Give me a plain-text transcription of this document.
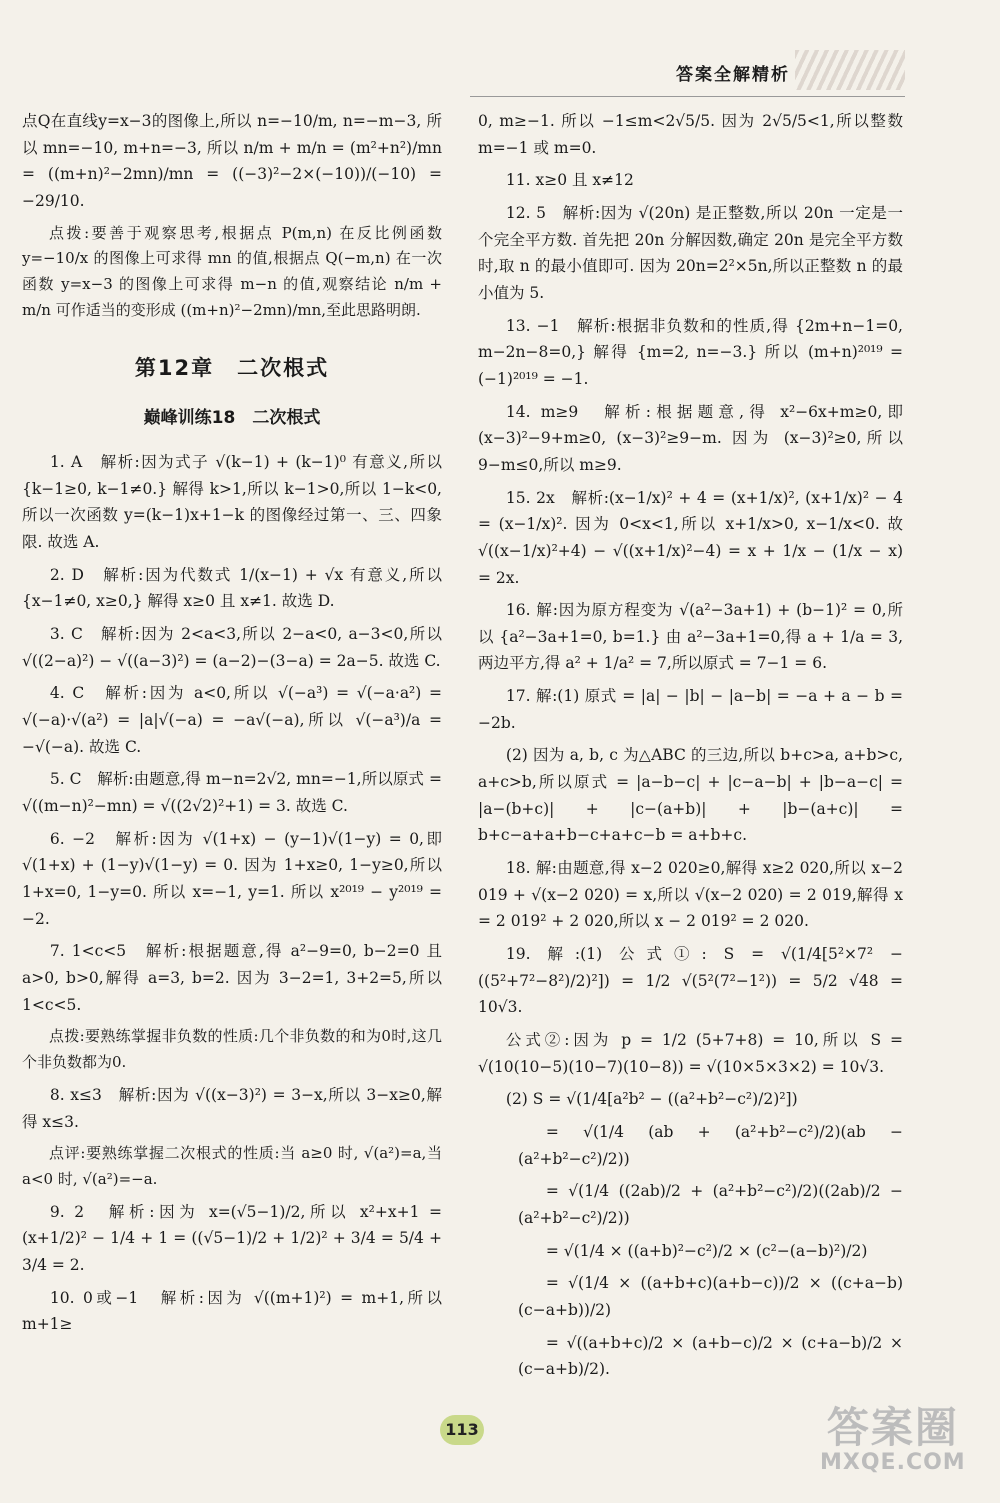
答案全解精析

点Q在直线y=x−3的图像上,所以 n=−10/m, n=−m−3, 所以 mn=−10, m+n=−3, 所以 n/m + m/n = (m²+n²)/mn = ((m+n)²−2mn)/mn = ((−3)²−2×(−10))/(−10) = −29/10.

点拨:要善于观察思考,根据点 P(m,n) 在反比例函数 y=−10/x 的图像上可求得 mn 的值,根据点 Q(−m,n) 在一次函数 y=x−3 的图像上可求得 m−n 的值,观察结论 n/m + m/n 可作适当的变形成 ((m+n)²−2mn)/mn,至此思路明朗.

第12章　二次根式
巅峰训练18　二次根式

1. A　解析:因为式子 √(k−1) + (k−1)⁰ 有意义,所以 {k−1≥0, k−1≠0.} 解得 k>1,所以 k−1>0,所以 1−k<0,所以一次函数 y=(k−1)x+1−k 的图像经过第一、三、四象限. 故选 A.

2. D　解析:因为代数式 1/(x−1) + √x 有意义,所以 {x−1≠0, x≥0,} 解得 x≥0 且 x≠1. 故选 D.

3. C　解析:因为 2<a<3,所以 2−a<0, a−3<0,所以 √((2−a)²) − √((a−3)²) = (a−2)−(3−a) = 2a−5. 故选 C.

4. C　解析:因为 a<0,所以 √(−a³) = √(−a·a²) = √(−a)·√(a²) = |a|√(−a) = −a√(−a),所以 √(−a³)/a = −√(−a). 故选 C.

5. C　解析:由题意,得 m−n=2√2, mn=−1,所以原式 = √((m−n)²−mn) = √((2√2)²+1) = 3. 故选 C.

6. −2　解析:因为 √(1+x) − (y−1)√(1−y) = 0,即 √(1+x) + (1−y)√(1−y) = 0. 因为 1+x≥0, 1−y≥0,所以 1+x=0, 1−y=0. 所以 x=−1, y=1. 所以 x²⁰¹⁹ − y²⁰¹⁹ = −2.

7. 1<c<5　解析:根据题意,得 a²−9=0, b−2=0 且 a>0, b>0,解得 a=3, b=2. 因为 3−2=1, 3+2=5,所以 1<c<5.

点拨:要熟练掌握非负数的性质:几个非负数的和为0时,这几个非负数都为0.

8. x≤3　解析:因为 √((x−3)²) = 3−x,所以 3−x≥0,解得 x≤3.

点评:要熟练掌握二次根式的性质:当 a≥0 时, √(a²)=a,当 a<0 时, √(a²)=−a.

9. 2　解析:因为 x=(√5−1)/2,所以 x²+x+1 = (x+1/2)² − 1/4 + 1 = ((√5−1)/2 + 1/2)² + 3/4 = 5/4 + 3/4 = 2.

10. 0或−1　解析:因为 √((m+1)²) = m+1,所以 m+1≥

0, m≥−1. 所以 −1≤m<2√5/5. 因为 2√5/5<1,所以整数 m=−1 或 m=0.

11. x≥0 且 x≠12

12. 5　解析:因为 √(20n) 是正整数,所以 20n 一定是一个完全平方数. 首先把 20n 分解因数,确定 20n 是完全平方数时,取 n 的最小值即可. 因为 20n=2²×5n,所以正整数 n 的最小值为 5.

13. −1　解析:根据非负数和的性质,得 {2m+n−1=0, m−2n−8=0,} 解得 {m=2, n=−3.} 所以 (m+n)²⁰¹⁹ = (−1)²⁰¹⁹ = −1.

14. m≥9　解析:根据题意,得 x²−6x+m≥0,即 (x−3)²−9+m≥0, (x−3)²≥9−m. 因为 (x−3)²≥0,所以 9−m≤0,所以 m≥9.

15. 2x　解析:(x−1/x)² + 4 = (x+1/x)², (x+1/x)² − 4 = (x−1/x)². 因为 0<x<1,所以 x+1/x>0, x−1/x<0. 故 √((x−1/x)²+4) − √((x+1/x)²−4) = x + 1/x − (1/x − x) = 2x.

16. 解:因为原方程变为 √(a²−3a+1) + (b−1)² = 0,所以 {a²−3a+1=0, b=1.} 由 a²−3a+1=0,得 a + 1/a = 3,两边平方,得 a² + 1/a² = 7,所以原式 = 7−1 = 6.

17. 解:(1) 原式 = |a| − |b| − |a−b| = −a + a − b = −2b.

(2) 因为 a, b, c 为△ABC 的三边,所以 b+c>a, a+b>c, a+c>b,所以原式 = |a−b−c| + |c−a−b| + |b−a−c| = |a−(b+c)| + |c−(a+b)| + |b−(a+c)| = b+c−a+a+b−c+a+c−b = a+b+c.

18. 解:由题意,得 x−2 020≥0,解得 x≥2 020,所以 x−2 019 + √(x−2 020) = x,所以 √(x−2 020) = 2 019,解得 x = 2 019² + 2 020,所以 x − 2 019² = 2 020.

19. 解:(1) 公式①: S = √(1/4[5²×7² − ((5²+7²−8²)/2)²]) = 1/2 √(5²(7²−1²)) = 5/2 √48 = 10√3.

公式②:因为 p = 1/2 (5+7+8) = 10,所以 S = √(10(10−5)(10−7)(10−8)) = √(10×5×3×2) = 10√3.

(2) S = √(1/4[a²b² − ((a²+b²−c²)/2)²])

= √(1/4 (ab + (a²+b²−c²)/2)(ab − (a²+b²−c²)/2))

= √(1/4 ((2ab)/2 + (a²+b²−c²)/2)((2ab)/2 − (a²+b²−c²)/2))

= √(1/4 × ((a+b)²−c²)/2 × (c²−(a−b)²)/2)

= √(1/4 × ((a+b+c)(a+b−c))/2 × ((c+a−b)(c−a+b))/2)

= √((a+b+c)/2 × (a+b−c)/2 × (c+a−b)/2 × (c−a+b)/2).

113	答案圈
MXQE.COM
